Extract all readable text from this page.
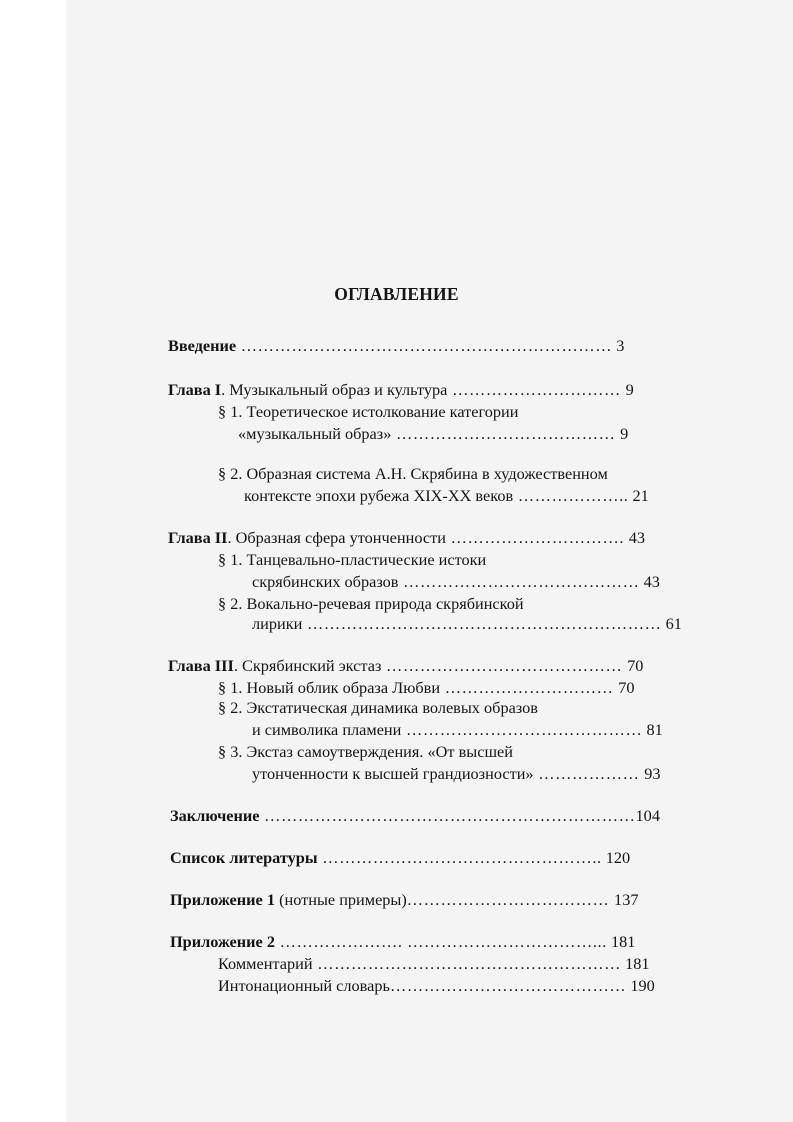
ОГЛАВЛЕНИЕ
Введение ………………………………………………………… 3
Глава I. Музыкальный образ и культура ………………………… 9
§ 1. Теоретическое истолкование категории
«музыкальный образ» ………………………………… 9
§ 2. Образная система А.Н. Скрябина в художественном
контексте эпохи рубежа XIX-XX веков ……………….. 21
Глава II. Образная сфера утонченности …………………………. 43
§ 1. Танцевально-пластические истоки
скрябинских образов …………………………………… 43
§ 2. Вокально-речевая природа скрябинской
лирики ……………………………………………………… 61
Глава III. Скрябинский экстаз …………………………………… 70
§ 1. Новый облик образа Любви ………………………… 70
§ 2. Экстатическая динамика волевых образов
и символика пламени …………………………………… 81
§ 3. Экстаз самоутверждения. «От высшей
утонченности к высшей грандиозности» ……………… 93
Заключение …………………………………………………………104
Список литературы ………………………………………….. 120
Приложение 1 (нотные примеры)……………………………… 137
Приложение 2 …………………. ……………………………... 181
Комментарий ……………………………………………… 181
Интонационный словарь…………………………………… 190
